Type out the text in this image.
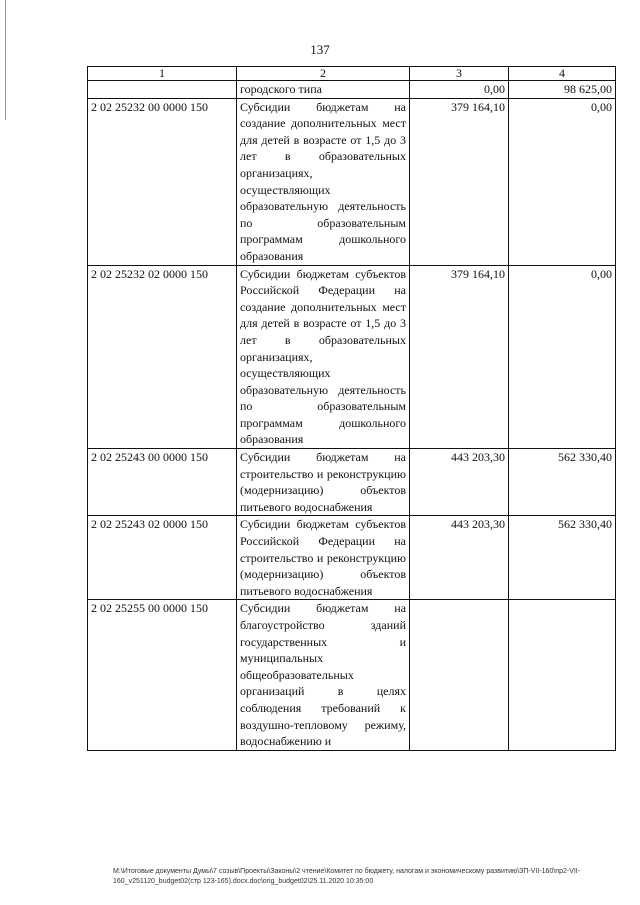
137
1	2	3	4
	городского типа	0,00	98 625,00
2 02 25232 00 0000 150	Субсидии бюджетам на создание дополнительных мест для детей в возрасте от 1,5 до 3 лет в образовательных организациях, осуществляющих образовательную деятельность по образовательным программам дошкольного образования	379 164,10	0,00
2 02 25232 02 0000 150	Субсидии бюджетам субъектов Российской Федерации на создание дополнительных мест для детей в возрасте от 1,5 до 3 лет в образовательных организациях, осуществляющих образовательную деятельность по образовательным программам дошкольного образования	379 164,10	0,00
2 02 25243 00 0000 150	Субсидии бюджетам на строительство и реконструкцию (модернизацию) объектов питьевого водоснабжения	443 203,30	562 330,40
2 02 25243 02 0000 150	Субсидии бюджетам субъектов Российской Федерации на строительство и реконструкцию (модернизацию) объектов питьевого водоснабжения	443 203,30	562 330,40
2 02 25255 00 0000 150	Субсидии бюджетам на благоустройство зданий государственных и муниципальных общеобразовательных организаций в целях соблюдения требований к воздушно-тепловому режиму, водоснабжению и		
M:\Итоговые документы Думы\7 созыв\Проекты\Законы\2 чтение\Комитет по бюджету, налогам и экономическому развитию\ЗП-VII-160\пр2-VII-160_v251120_budget02(стр 123-165).docx.doc\orig_budget02\25.11.2020 10:35:00
